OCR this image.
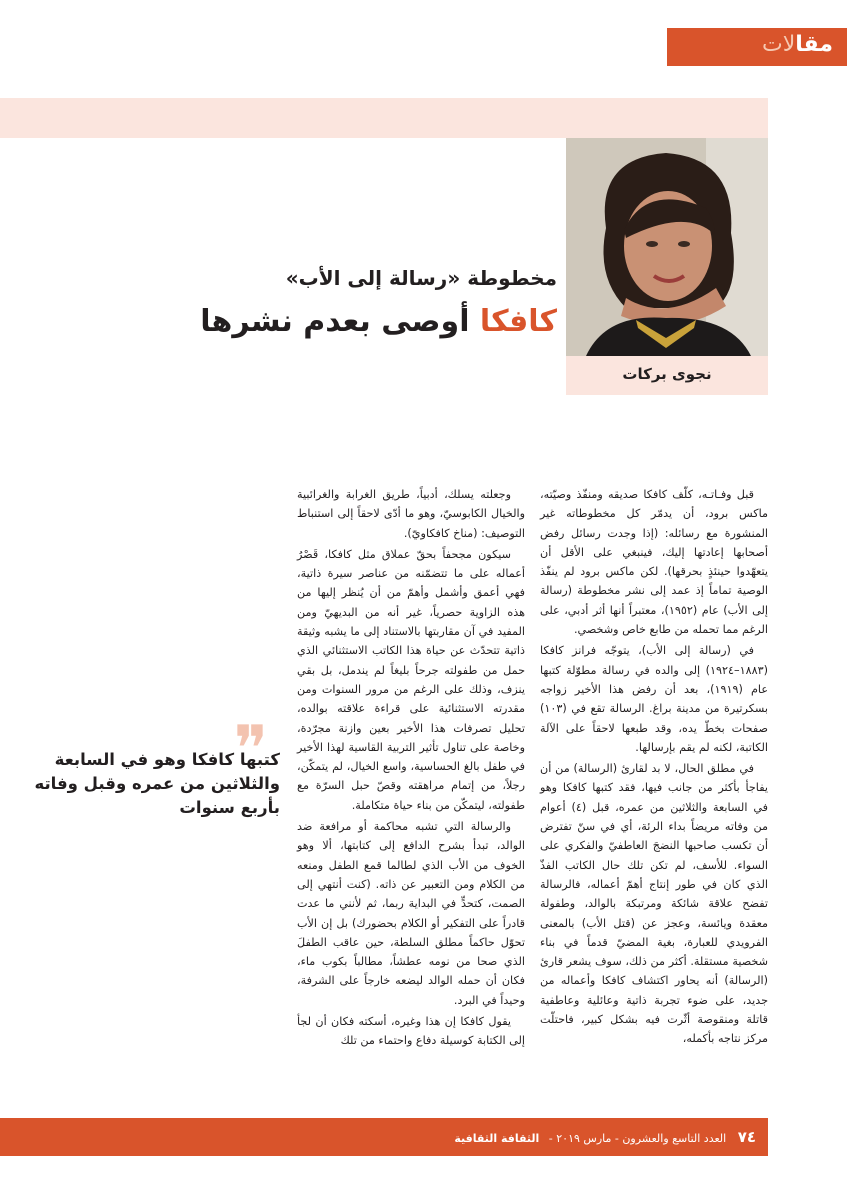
مقالات
نجوى بركات
مخطوطة «رسالة إلى الأب»
كافكا أوصى بعدم نشرها

قبل وفـاتـه، كلّف كافكا صديقه ومنفّذ وصيّته، ماكس برود، أن يدمّر كل مخطوطاته غير المنشورة مع رسائله: (إذا وجدت رسائل رفض أصحابها إعادتها إليك، فينبغي على الأقل أن يتعهّدوا حينئذٍ بحرقها). لكن ماكس برود لم ينفّذ الوصية تماماً إذ عمد إلى نشر مخطوطة (رسالة إلى الأب) عام (١٩٥٢)، معتبراً أنها أثر أدبي، على الرغم مما تحمله من طابع خاص وشخصي.

في (رسالة إلى الأب)، يتوجّه فرانز كافكا (١٨٨٣–١٩٢٤) إلى والده في رسالة مطوّلة كتبها عام (١٩١٩)، بعد أن رفض هذا الأخير زواجه بسكرتيرة من مدينة براغ. الرسالة تقع في (١٠٣) صفحات بخطّ يده، وقد طبعها لاحقاً على الآلة الكاتبة، لكنه لم يقم بإرسالها.

في مطلق الحال، لا بد لقارئ (الرسالة) من أن يفاجأ بأكثر من جانب فيها، فقد كتبها كافكا وهو في السابعة والثلاثين من عمره، قبل (٤) أعوام من وفاته مريضاً بداء الرئة، أي في سنّ تفترض أن تكسب صاحبها النضجَ العاطفيّ والفكري على السواء. للأسف، لم تكن تلك حال الكاتب الفذّ الذي كان في طور إنتاج أهمّ أعماله، فالرسالة تفضح علاقة شائكة ومرتبكة بالوالد، وطفولة معقدة ويائسة، وعجز عن (قتل الأب) بالمعنى الفرويدي للعبارة، بغية المضيّ قدماً في بناء شخصية مستقلة. أكثر من ذلك، سوف يشعر قارئ (الرسالة) أنه يحاور اكتشاف كافكا وأعماله من جديد، على ضوء تجربة ذاتية وعائلية وعاطفية قاتلة ومنقوصة أثّرت فيه بشكل كبير، فاحتلّت مركز نتاجه بأكمله،

وجعلته يسلك، أدبياً، طريق الغرابة والغرائبية والخيال الكابوسيّ، وهو ما أدّى لاحقاً إلى استنباط التوصيف: (مناخ كافكاويّ).

سيكون مجحفاً بحقّ عملاق مثل كافكا، قَصْرُ أعماله على ما تتضمّنه من عناصر سيرة ذاتية، فهي أعمق وأشمل وأهمّ من أن يُنظر إليها من هذه الزاوية حصرياً، غير أنه من البديهيّ ومن المفيد في آن مقاربتها بالاستناد إلى ما يشبه وثيقة ذاتية تتحدّث عن حياة هذا الكاتب الاستثنائي الذي حمل من طفولته جرحاً بليغاً لم يندمل، بل بقي ينزف، وذلك على الرغم من مرور السنوات ومن مقدرته الاستثنائية على قراءة علاقته بوالده، تحليل تصرفات هذا الأخير بعين وازنة مجرّدة، وخاصة على تناول تأثير التربية القاسية لهذا الأخير في طفل بالغ الحساسية، واسع الخيال، لم يتمكّن، رجلاً، من إتمام مراهقته وقصّ حبل السرّة مع طفولته، ليتمكّن من بناء حياة متكاملة.

والرسالة التي تشبه محاكمة أو مرافعة ضد الوالد، تبدأ بشرح الدافع إلى كتابتها، ألا وهو الخوف من الأب الذي لطالما قمع الطفل ومنعه من الكلام ومن التعبير عن ذاته. (كنت أنتهي إلى الصمت، كتحدٍّ في البداية ربما، ثم لأنني ما عدت قادراً على التفكير أو الكلام بحضورك) بل إن الأب تحوّل حاكماً مطلق السلطة، حين عاقب الطفلَ الذي صحا من نومه عطشاً، مطالباً بكوب ماء، فكان أن حمله الوالد ليضعه خارجاً على الشرفة، وحيداً في البرد.

يقول كافكا إن هذا وغيره، أسكته فكان أن لجأ إلى الكتابة كوسيلة دفاع واحتماء من تلك

❞
كتبها كافكا وهو في السابعة والثلاثين من عمره وقبل وفاته بأربع سنوات
٧٤ العدد التاسع والعشرون - مارس ٢٠١٩ - الثقافة الثقافية
